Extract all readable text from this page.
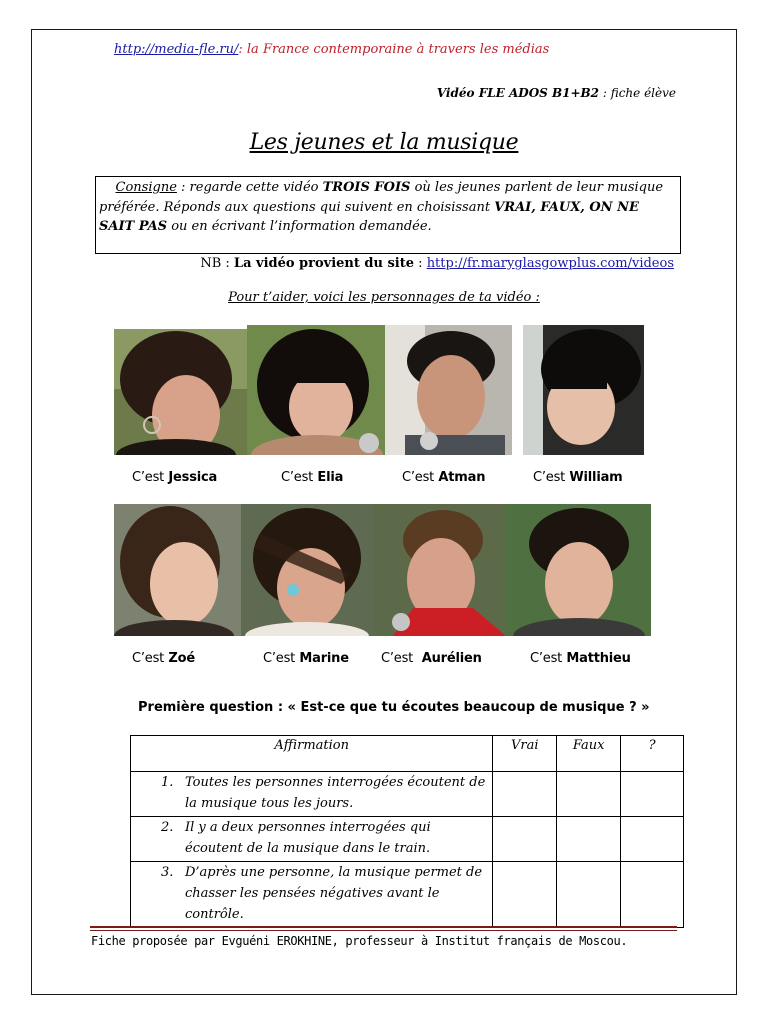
http://media-fle.ru/: la France contemporaine à travers les médias
Vidéo FLE ADOS B1+B2 : fiche élève
Les jeunes et la musique
Consigne : regarde cette vidéo TROIS FOIS où les jeunes parlent de leur musique préférée. Réponds aux questions qui suivent en choisissant VRAI, FAUX, ON NE SAIT PAS ou en écrivant l’information demandée.
NB : La vidéo provient du site : http://fr.maryglasgowplus.com/videos
Pour t’aider, voici les personnages de ta vidéo :
C’est Jessica	C’est Elia	C’est Atman	C’est William
C’est Zoé	C’est Marine C’est Aurélien	C’est Matthieu
Première question : « Est-ce que tu écoutes beaucoup de musique ? »
Affirmation	Vrai	Faux	?

1. Toutes les personnes interrogées écoutent de la musique tous les jours.			

2. Il y a deux personnes interrogées qui écoutent de la musique dans le train.			

3. D’après une personne, la musique permet de chasser les pensées négatives avant le contrôle.			

Fiche proposée par Evguéni EROKHINE, professeur à Institut français de Moscou.
